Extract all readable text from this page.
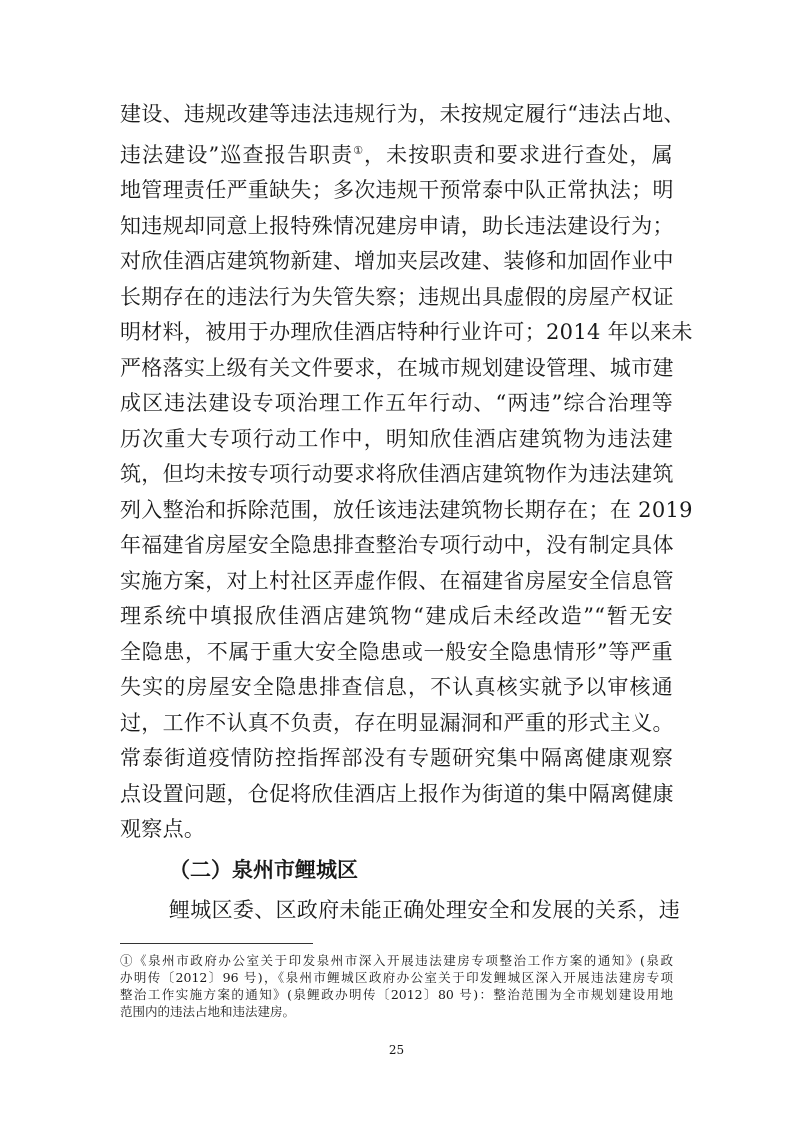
建设、违规改建等违法违规行为，未按规定履行“违法占地、
违法建设”巡查报告职责①，未按职责和要求进行查处，属
地管理责任严重缺失；多次违规干预常泰中队正常执法；明
知违规却同意上报特殊情况建房申请，助长违法建设行为；
对欣佳酒店建筑物新建、增加夹层改建、装修和加固作业中
长期存在的违法行为失管失察；违规出具虚假的房屋产权证
明材料，被用于办理欣佳酒店特种行业许可；2014 年以来未
严格落实上级有关文件要求，在城市规划建设管理、城市建
成区违法建设专项治理工作五年行动、“两违”综合治理等
历次重大专项行动工作中，明知欣佳酒店建筑物为违法建
筑，但均未按专项行动要求将欣佳酒店建筑物作为违法建筑
列入整治和拆除范围，放任该违法建筑物长期存在；在 2019
年福建省房屋安全隐患排查整治专项行动中，没有制定具体
实施方案，对上村社区弄虚作假、在福建省房屋安全信息管
理系统中填报欣佳酒店建筑物“建成后未经改造”“暂无安
全隐患，不属于重大安全隐患或一般安全隐患情形”等严重
失实的房屋安全隐患排查信息，不认真核实就予以审核通
过，工作不认真不负责，存在明显漏洞和严重的形式主义。
常泰街道疫情防控指挥部没有专题研究集中隔离健康观察
点设置问题，仓促将欣佳酒店上报作为街道的集中隔离健康
观察点。
（二）泉州市鲤城区
鲤城区委、区政府未能正确处理安全和发展的关系，违
①《泉州市政府办公室关于印发泉州市深入开展违法建房专项整治工作方案的通知》(泉政
办明传〔2012〕96 号)，《泉州市鲤城区政府办公室关于印发鲤城区深入开展违法建房专项
整治工作实施方案的通知》(泉鲤政办明传〔2012〕80 号)：整治范围为全市规划建设用地
范围内的违法占地和违法建房。
25
